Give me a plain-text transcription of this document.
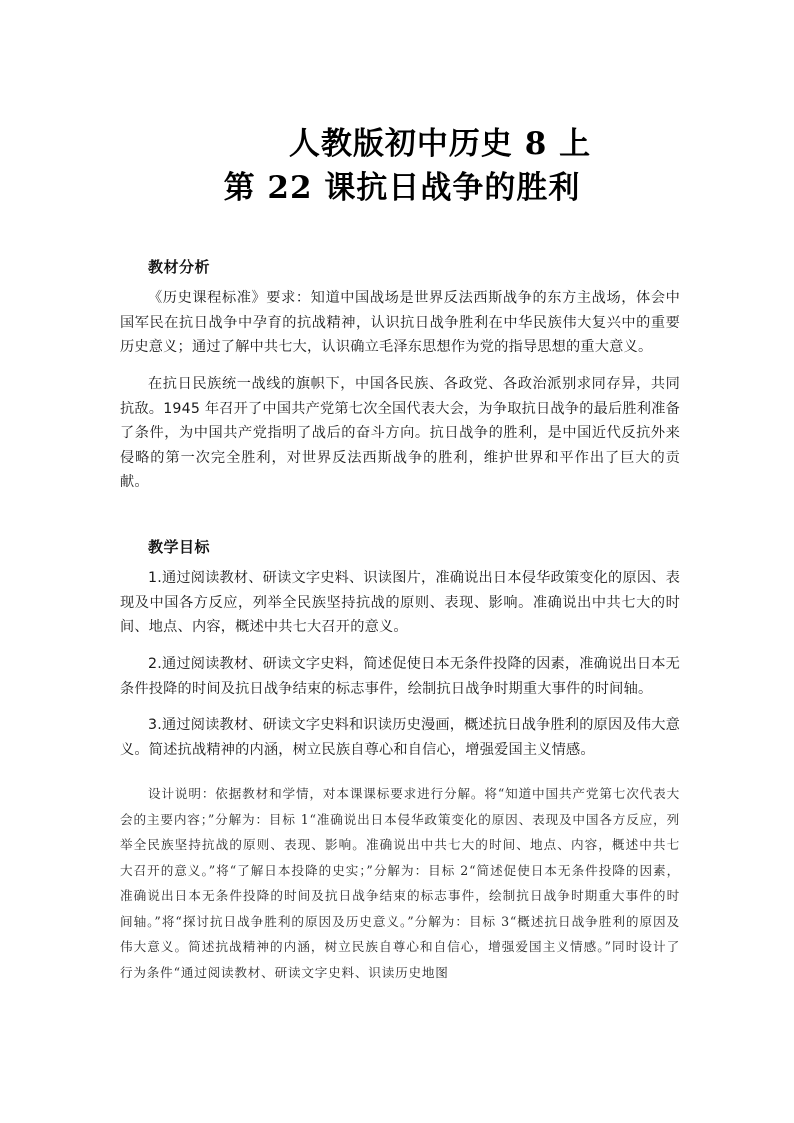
人教版初中历史 8 上
第 22 课抗日战争的胜利
教材分析

《历史课程标准》要求：知道中国战场是世界反法西斯战争的东方主战场，体会中国军民在抗日战争中孕育的抗战精神，认识抗日战争胜利在中华民族伟大复兴中的重要历史意义；通过了解中共七大，认识确立毛泽东思想作为党的指导思想的重大意义。

在抗日民族统一战线的旗帜下，中国各民族、各政党、各政治派别求同存异，共同抗敌。1945 年召开了中国共产党第七次全国代表大会，为争取抗日战争的最后胜利准备了条件，为中国共产党指明了战后的奋斗方向。抗日战争的胜利，是中国近代反抗外来侵略的第一次完全胜利，对世界反法西斯战争的胜利，维护世界和平作出了巨大的贡献。

教学目标

1.通过阅读教材、研读文字史料、识读图片，准确说出日本侵华政策变化的原因、表现及中国各方反应，列举全民族坚持抗战的原则、表现、影响。准确说出中共七大的时间、地点、内容，概述中共七大召开的意义。

2.通过阅读教材、研读文字史料，简述促使日本无条件投降的因素，准确说出日本无条件投降的时间及抗日战争结束的标志事件，绘制抗日战争时期重大事件的时间轴。

3.通过阅读教材、研读文字史料和识读历史漫画，概述抗日战争胜利的原因及伟大意义。简述抗战精神的内涵，树立民族自尊心和自信心，增强爱国主义情感。

设计说明：依据教材和学情，对本课课标要求进行分解。将“知道中国共产党第七次代表大会的主要内容；”分解为：目标 1“准确说出日本侵华政策变化的原因、表现及中国各方反应，列举全民族坚持抗战的原则、表现、影响。准确说出中共七大的时间、地点、内容，概述中共七大召开的意义。”将“了解日本投降的史实；”分解为：目标 2“简述促使日本无条件投降的因素，准确说出日本无条件投降的时间及抗日战争结束的标志事件，绘制抗日战争时期重大事件的时间轴。”将“探讨抗日战争胜利的原因及历史意义。”分解为：目标 3“概述抗日战争胜利的原因及伟大意义。简述抗战精神的内涵，树立民族自尊心和自信心，增强爱国主义情感。”同时设计了行为条件“通过阅读教材、研读文字史料、识读历史地图
